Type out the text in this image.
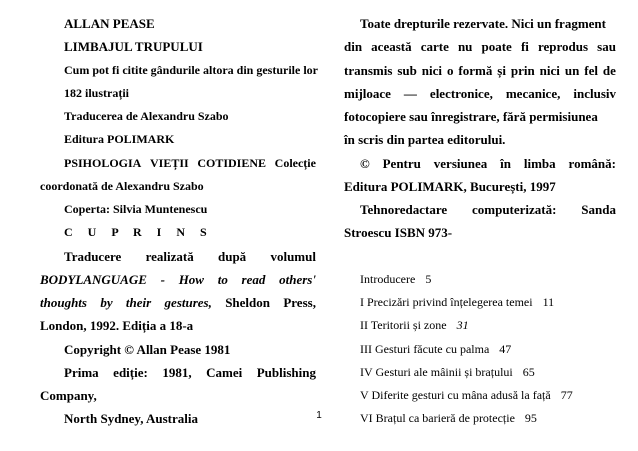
ALLAN PEASE
LIMBAJUL TRUPULUI
Cum pot fi citite gândurile altora din gesturile lor
182 ilustrații
Traducerea de Alexandru Szabo
Editura POLIMARK
PSIHOLOGIA VIEȚII COTIDIENE Colecție
coordonată de Alexandru Szabo
Coperta: Silvia Muntenescu
C U P R I N S
Traducere realizată după volumul
BODYLANGUAGE - How to read others'
thoughts by their gestures, Sheldon Press,
London, 1992. Ediția a 18-a
Copyright © Allan Pease 1981
Prima ediție: 1981, Camei Publishing
Company,
North Sydney, Australia
Toate drepturile rezervate. Nici un fragment
din această carte nu poate fi reprodus sau
transmis sub nici o formă și prin nici un fel de
mijloace — electronice, mecanice, inclusiv
fotocopiere sau înregistrare, fără permisiunea
în scris din partea editorului.
© Pentru versiunea în limba română:
Editura POLIMARK, București, 1997
Tehnoredactare computerizată: Sanda
Stroescu ISBN 973-
Introducere 5
I Precizări privind înțelegerea temei 11
II Teritorii și zone 31
III Gesturi făcute cu palma 47
IV Gesturi ale mâinii și brațului 65
V Diferite gesturi cu mâna adusă la față 77
VI Brațul ca barieră de protecție 95
1
